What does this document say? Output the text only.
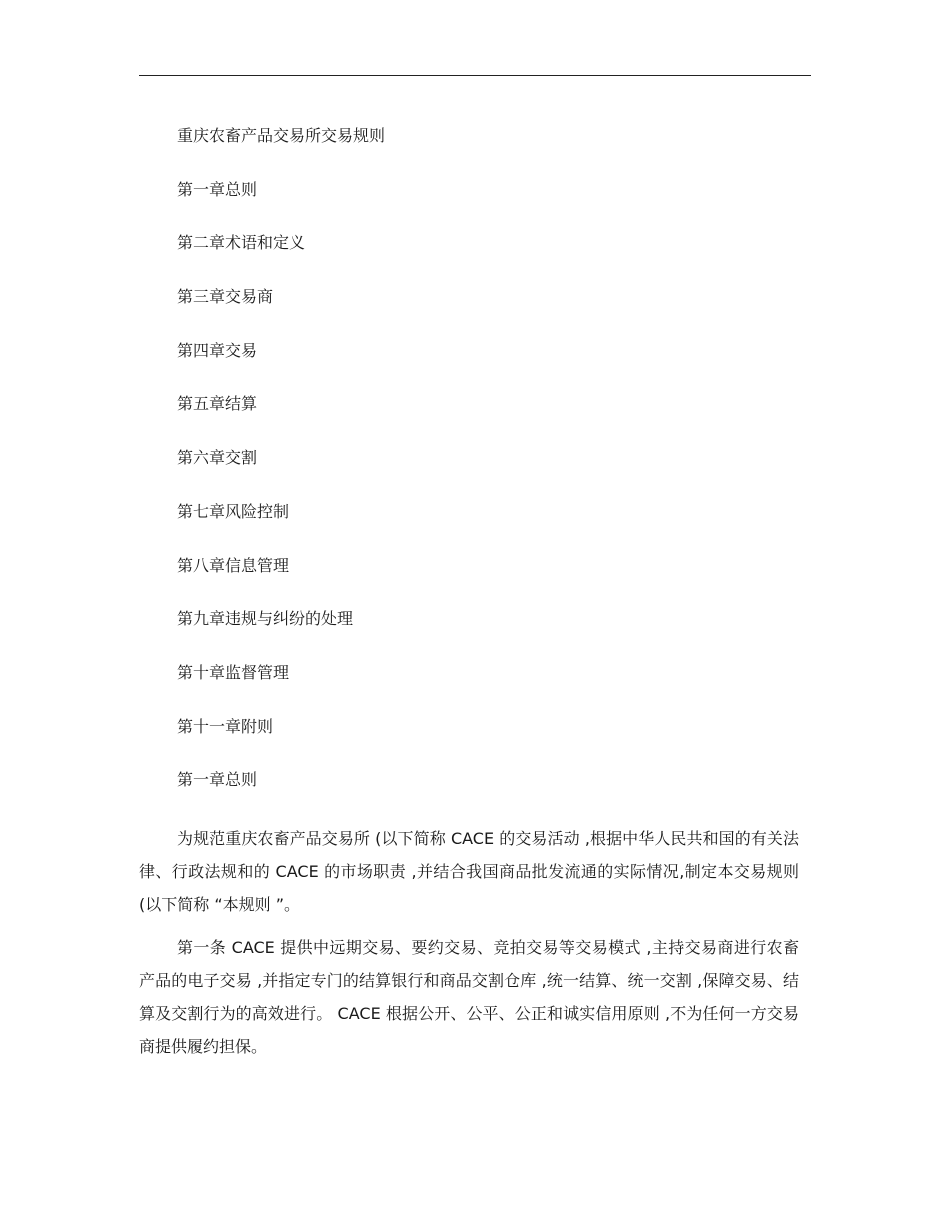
重庆农畜产品交易所交易规则
第一章总则
第二章术语和定义
第三章交易商
第四章交易
第五章结算
第六章交割
第七章风险控制
第八章信息管理
第九章违规与纠纷的处理
第十章监督管理
第十一章附则
第一章总则

为规范重庆农畜产品交易所 (以下简称 CACE 的交易活动 ,根据中华人民共和国的有关法律、行政法规和的 CACE 的市场职责 ,并结合我国商品批发流通的实际情况,制定本交易规则 (以下简称 “本规则 ”。

第一条 CACE 提供中远期交易、要约交易、竞拍交易等交易模式 ,主持交易商进行农畜产品的电子交易 ,并指定专门的结算银行和商品交割仓库 ,统一结算、统一交割 ,保障交易、结算及交割行为的高效进行。 CACE 根据公开、公平、公正和诚实信用原则 ,不为任何一方交易商提供履约担保。
